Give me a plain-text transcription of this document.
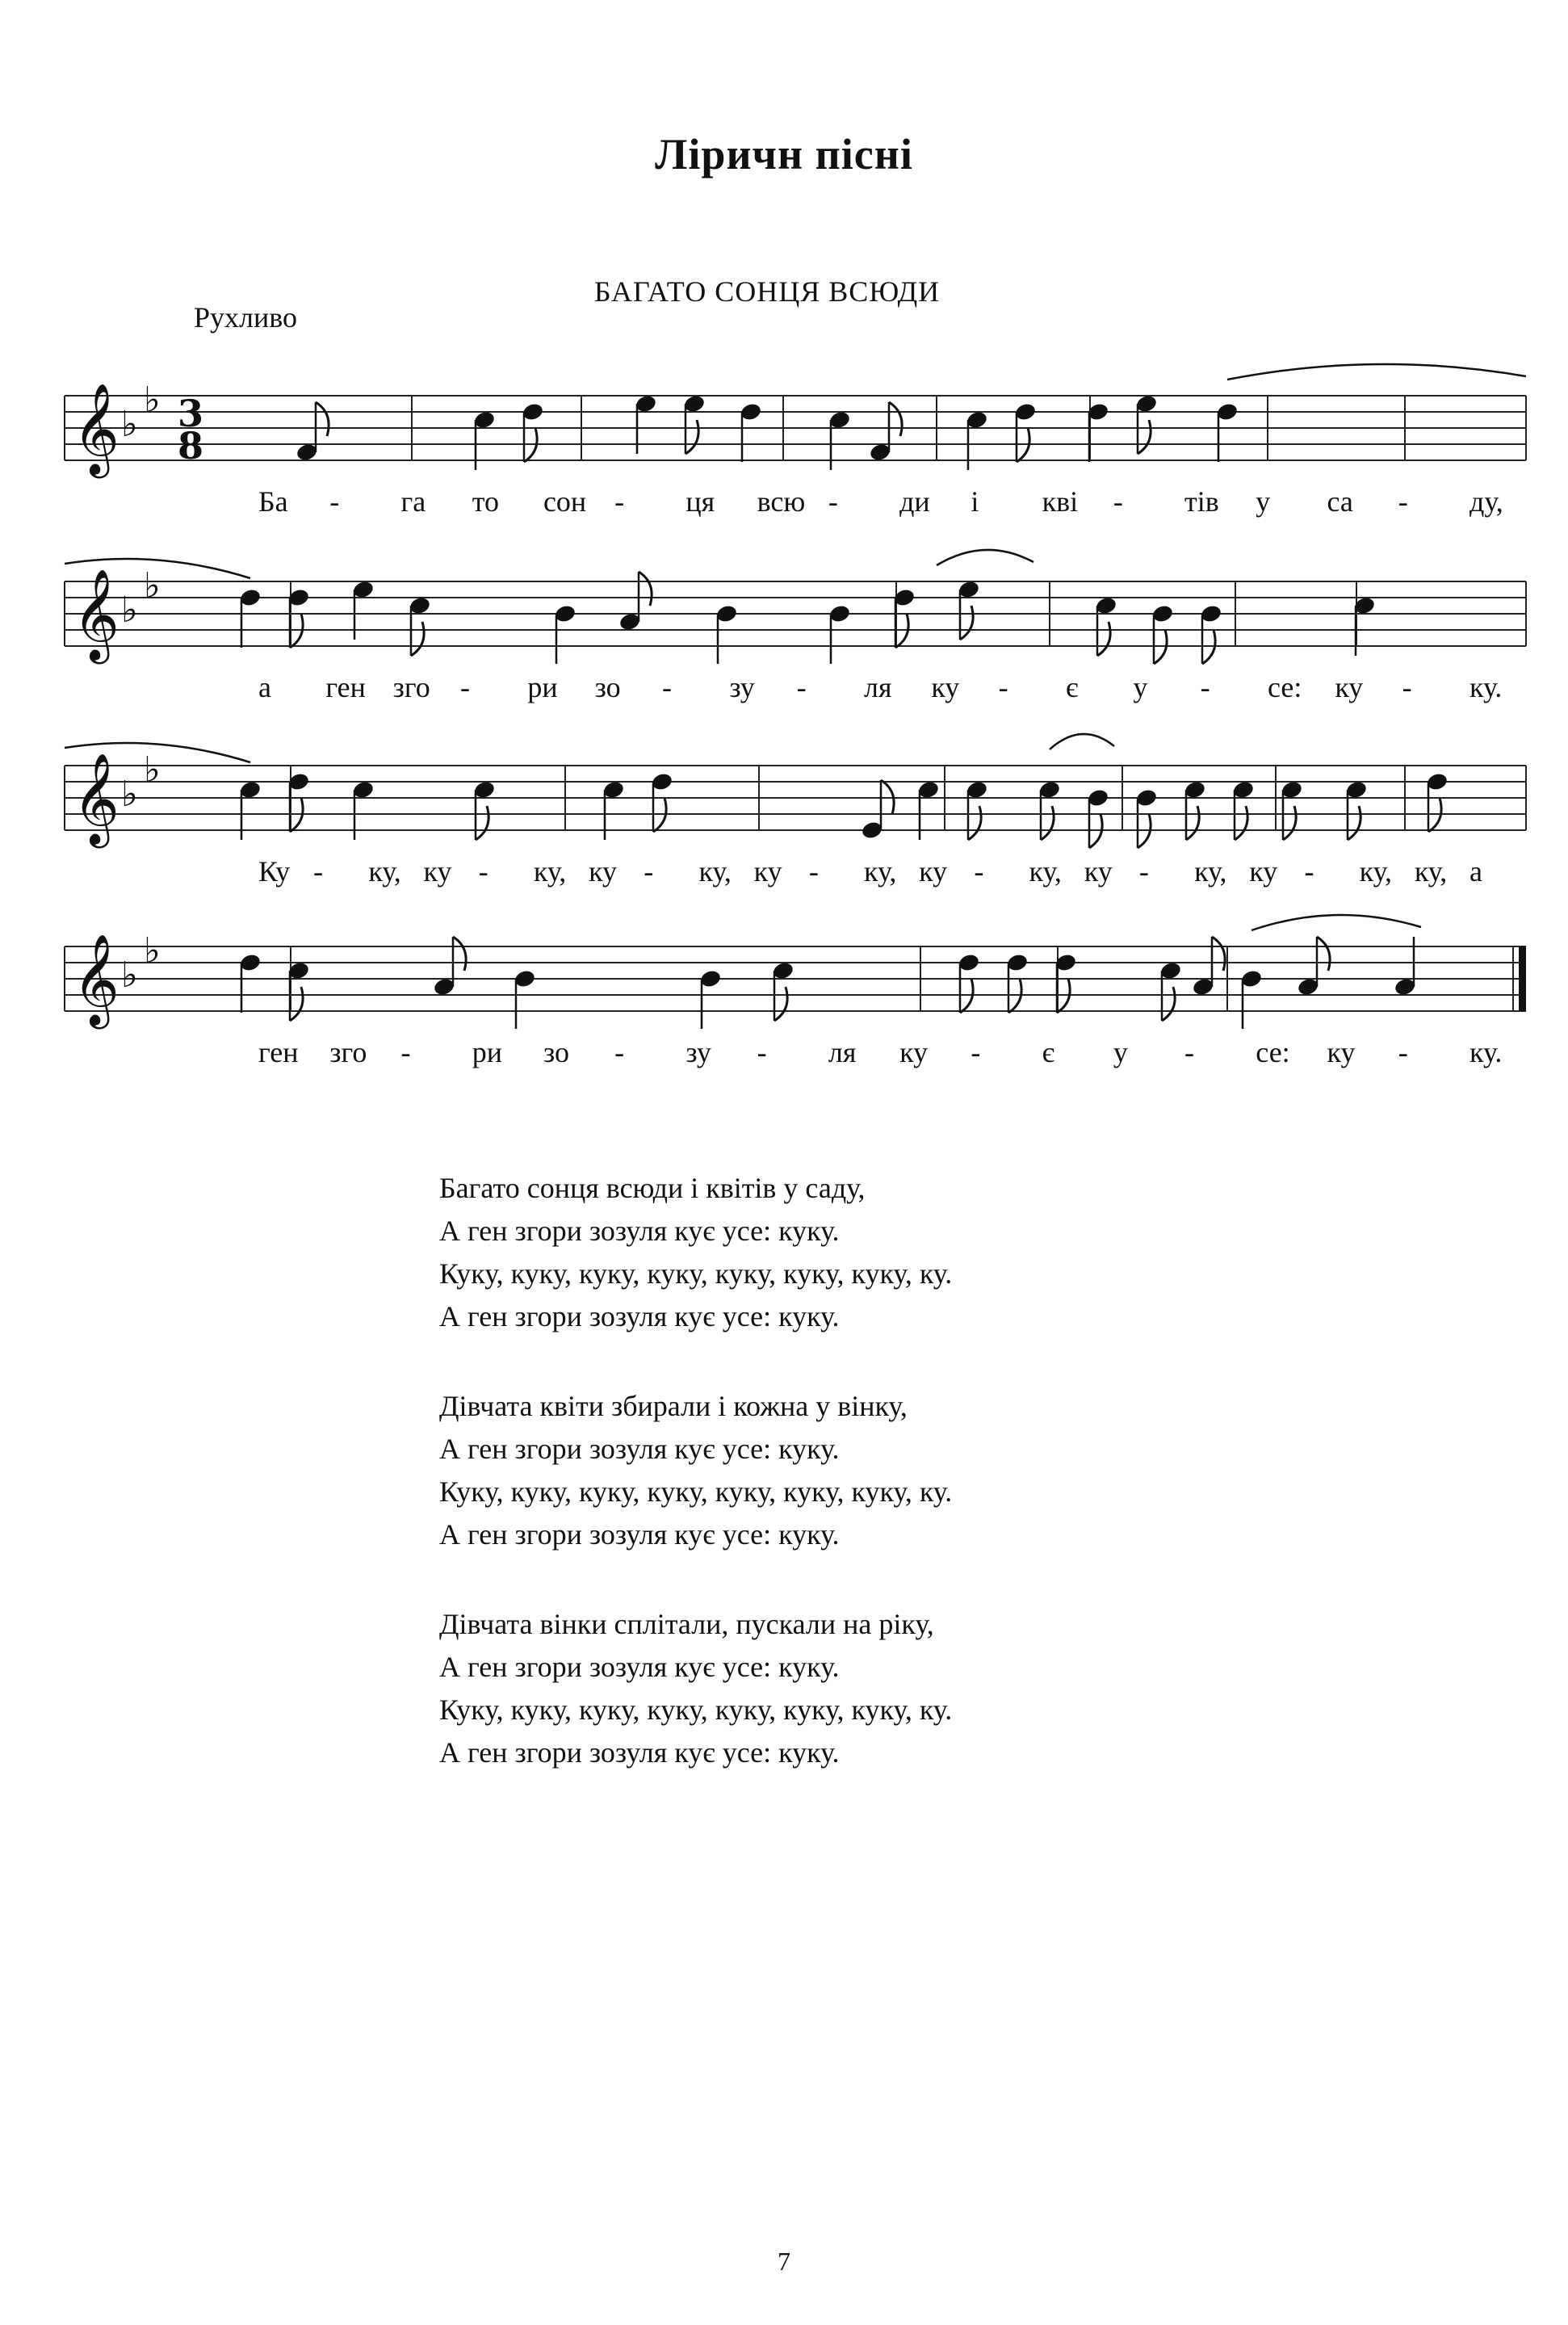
Ліричн пісні
БАГАТО СОНЦЯ ВСЮДИ
Рухливо
𝄞 ♭
♭ 3
8
Ба - га то сон - ця всю - ди і кві - тів у са - ду,
𝄞 ♭
♭
а ген зго - ри зо - зу - ля ку - є у - се: ку - ку.
𝄞 ♭
♭
Ку - ку, ку - ку, ку - ку, ку - ку, ку - ку, ку - ку, ку - ку, ку, а
𝄞 ♭
♭
ген зго - ри зо - зу - ля ку - є у - се: ку - ку.
Багато сонця всюди і квітів у саду,
А ген згори зозуля кує усе: куку.
Куку, куку, куку, куку, куку, куку, куку, ку.
А ген згори зозуля кує усе: куку.
Дівчата квіти збирали і кожна у вінку,
А ген згори зозуля кує усе: куку.
Куку, куку, куку, куку, куку, куку, куку, ку.
А ген згори зозуля кує усе: куку.
Дівчата вінки сплітали, пускали на ріку,
А ген згори зозуля кує усе: куку.
Куку, куку, куку, куку, куку, куку, куку, ку.
А ген згори зозуля кує усе: куку.
7
